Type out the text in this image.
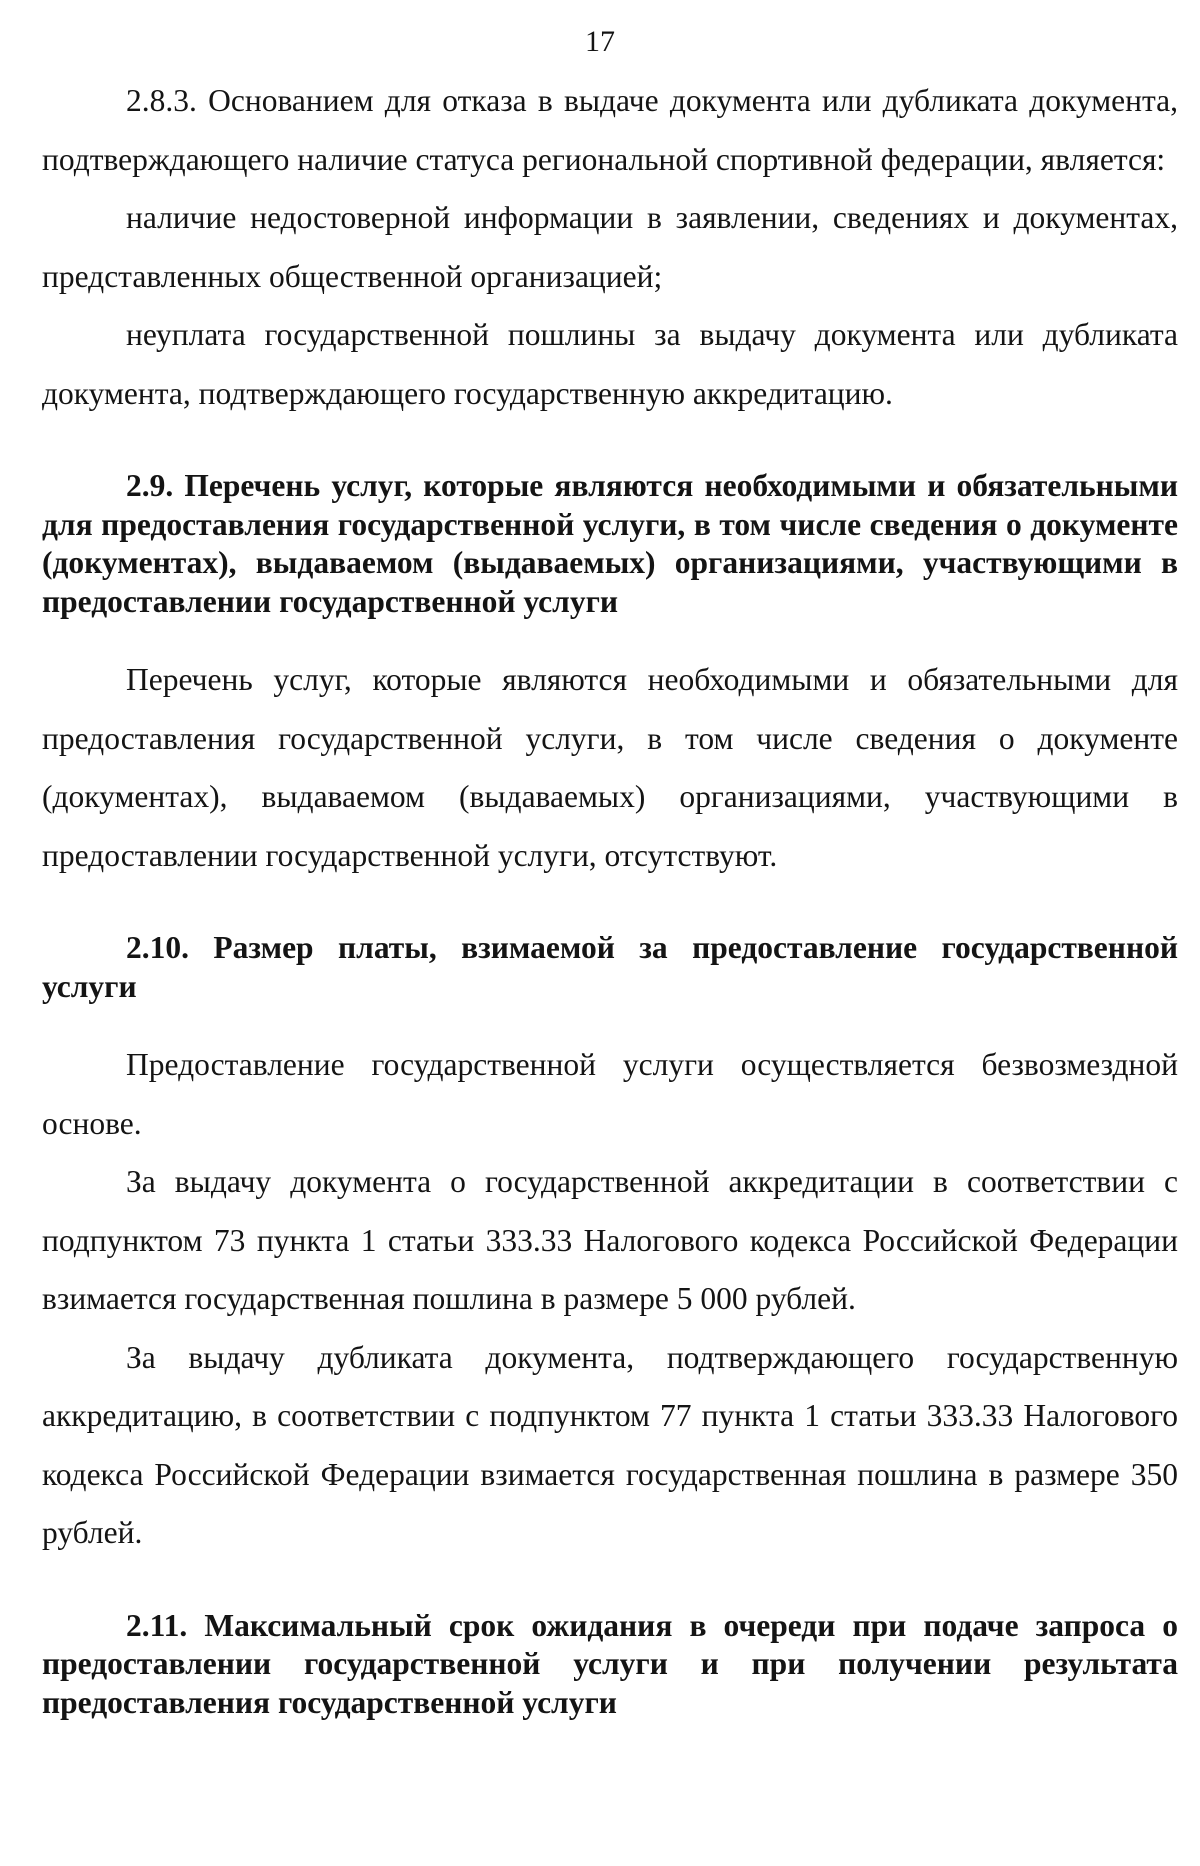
17

2.8.3. Основанием для отказа в выдаче документа или дубликата документа, подтверждающего наличие статуса региональной спортивной федерации, является:

наличие недостоверной информации в заявлении, сведениях и документах, представленных общественной организацией;

неуплата государственной пошлины за выдачу документа или дубликата документа, подтверждающего государственную аккредитацию.

2.9. Перечень услуг, которые являются необходимыми и обязательными для предоставления государственной услуги, в том числе сведения о документе (документах), выдаваемом (выдаваемых) организациями, участвующими в предоставлении государственной услуги

Перечень услуг, которые являются необходимыми и обязательными для предоставления государственной услуги, в том числе сведения о документе (документах), выдаваемом (выдаваемых) организациями, участвующими в предоставлении государственной услуги, отсутствуют.

2.10. Размер платы, взимаемой за предоставление государственной услуги

Предоставление государственной услуги осуществляется безвозмездной основе.

За выдачу документа о государственной аккредитации в соответствии с подпунктом 73 пункта 1 статьи 333.33 Налогового кодекса Российской Федерации взимается государственная пошлина в размере 5 000 рублей.

За выдачу дубликата документа, подтверждающего государственную аккредитацию, в соответствии с подпунктом 77 пункта 1 статьи 333.33 Налогового кодекса Российской Федерации взимается государственная пошлина в размере 350 рублей.

2.11. Максимальный срок ожидания в очереди при подаче запроса о предоставлении государственной услуги и при получении результата предоставления государственной услуги
